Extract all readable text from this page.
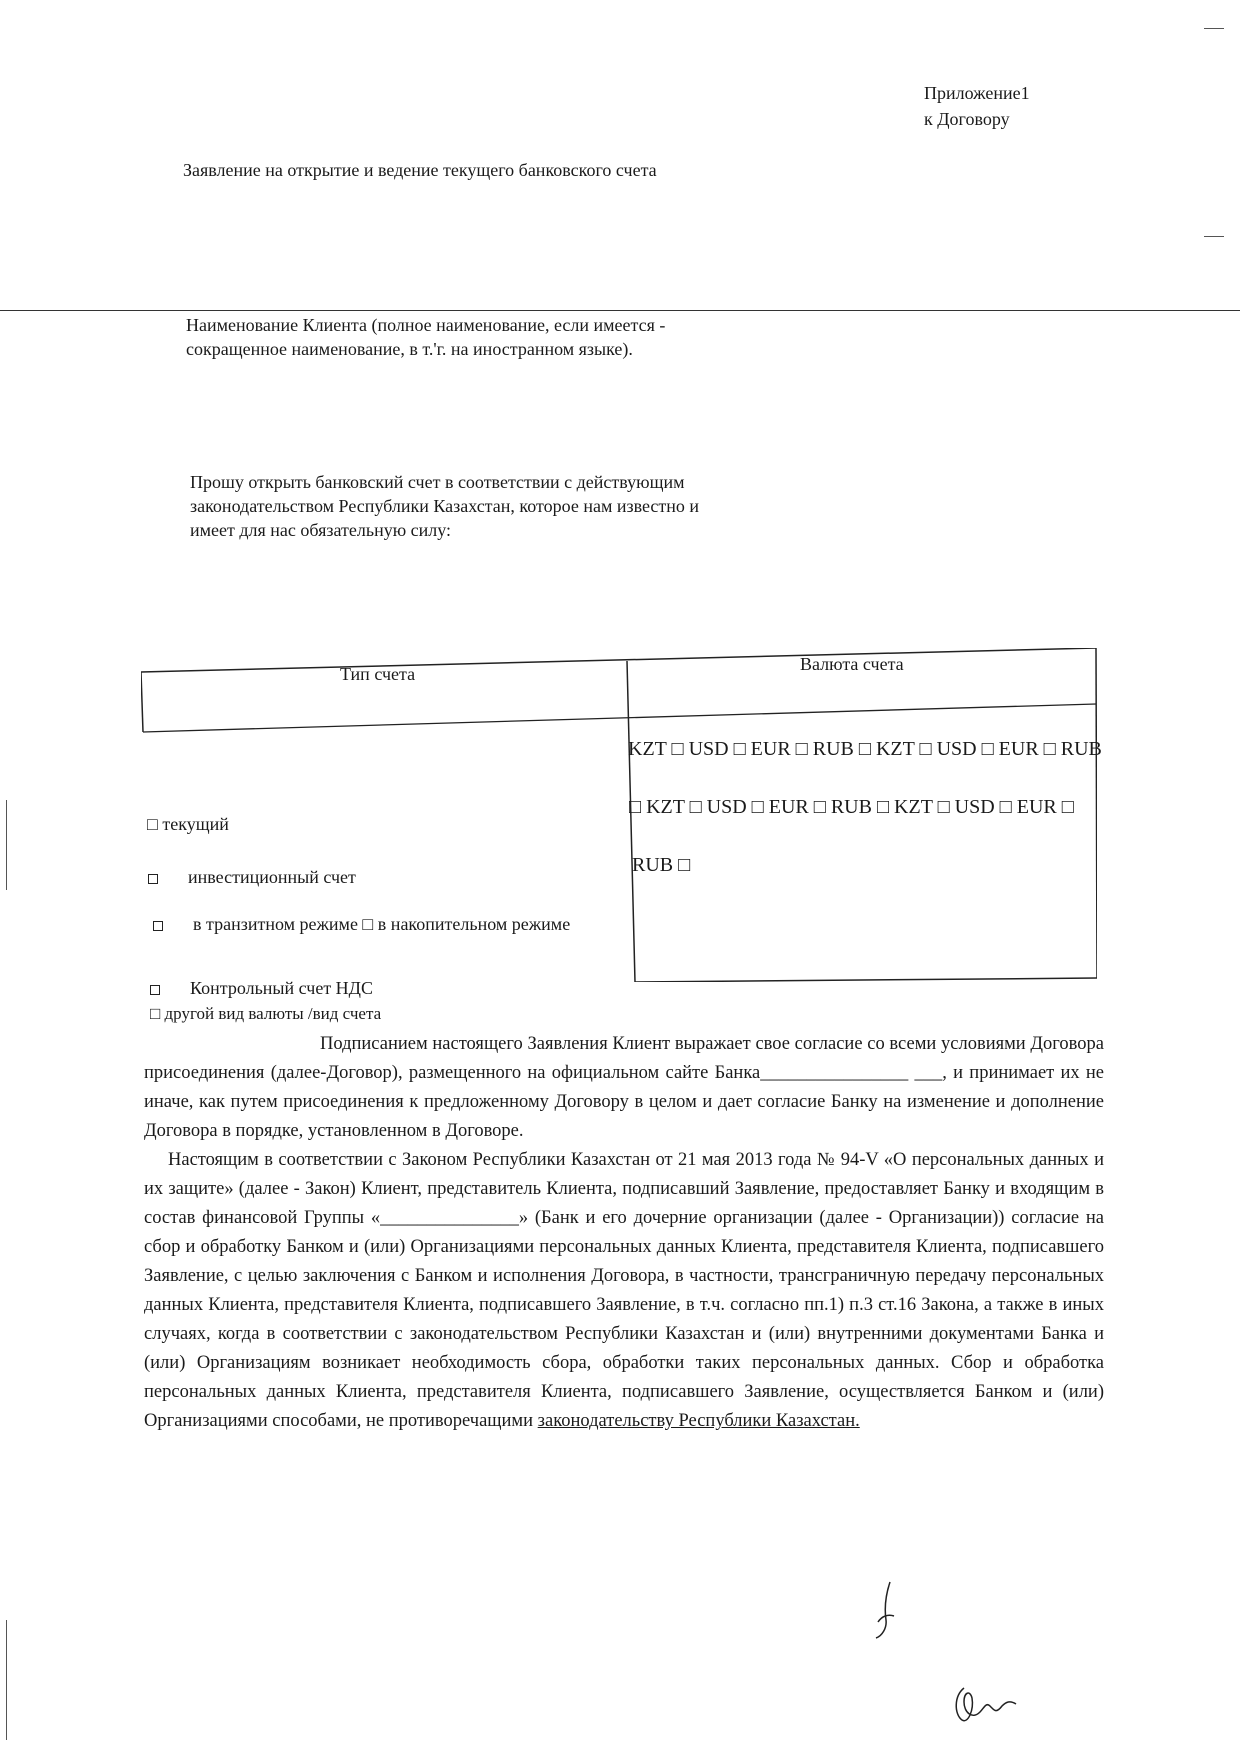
Приложение1
к Договору
Заявление на открытие и ведение текущего банковского счета
Наименование Клиента (полное наименование, если имеется -
сокращенное наименование, в т.'г. на иностранном языке).
Прошу открыть банковский счет в соответствии с действующим
законодательством Республики Казахстан, которое нам известно и
имеет для нас обязательную силу:
Тип счета	Валюта счета
KZT □ USD □ EUR □ RUB □ KZT □ USD □ EUR □ RUB
□ KZT □ USD □ EUR □ RUB □ KZT □ USD □ EUR □
RUB □
□ текущий
инвестиционный счет
в транзитном режиме □ в накопительном режиме
Контрольный счет НДС
□ другой вид валюты /вид счета
Подписанием настоящего Заявления Клиент выражает свое согласие со всеми условиями Договора присоединения (далее-Договор), размещенного на официальном сайте Банка________________ ___, и принимает их не иначе, как путем присоединения к предложенному Договору в целом и дает согласие Банку на изменение и дополнение Договора в порядке, установленном в Договоре.
Настоящим в соответствии с Законом Республики Казахстан от 21 мая 2013 года № 94-V «О персональных данных и их защите» (далее - Закон) Клиент, представитель Клиента, подписавший Заявление, предоставляет Банку и входящим в состав финансовой Группы «_______________» (Банк и его дочерние организации (далее - Организации)) согласие на сбор и обработку Банком и (или) Организациями персональных данных Клиента, представителя Клиента, подписавшего Заявление, с целью заключения с Банком и исполнения Договора, в частности, трансграничную передачу персональных данных Клиента, представителя Клиента, подписавшего Заявление, в т.ч. согласно пп.1) п.3 ст.16 Закона, а также в иных случаях, когда в соответствии с законодательством Республики Казахстан и (или) внутренними документами Банка и (или) Организациям возникает необходимость сбора, обработки таких персональных данных. Сбор и обработка персональных данных Клиента, представителя Клиента, подписавшего Заявление, осуществляется Банком и (или) Организациями способами, не противоречащими законодательству Республики Казахстан.
